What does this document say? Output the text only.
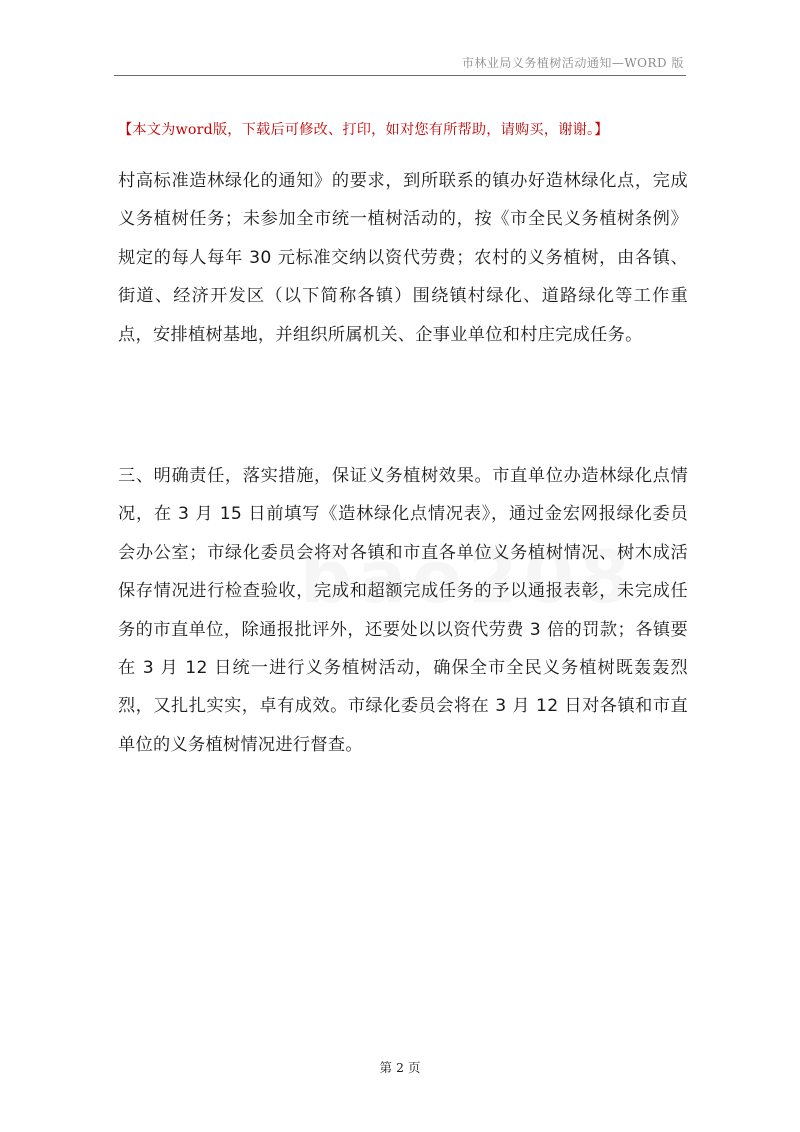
市林业局义务植树活动通知—WORD 版
【本文为word版，下载后可修改、打印，如对您有所帮助，请购买，谢谢。】
村高标准造林绿化的通知》的要求，到所联系的镇办好造林绿化点，完成义务植树任务；未参加全市统一植树活动的，按《市全民义务植树条例》规定的每人每年 30 元标准交纳以资代劳费；农村的义务植树，由各镇、街道、经济开发区（以下简称各镇）围绕镇村绿化、道路绿化等工作重点，安排植树基地，并组织所属机关、企事业单位和村庄完成任务。
三、明确责任，落实措施，保证义务植树效果。市直单位办造林绿化点情况，在 3 月 15 日前填写《造林绿化点情况表》，通过金宏网报绿化委员会办公室；市绿化委员会将对各镇和市直各单位义务植树情况、树木成活保存情况进行检查验收，完成和超额完成任务的予以通报表彰，未完成任务的市直单位，除通报批评外，还要处以以资代劳费 3 倍的罚款；各镇要在 3 月 12 日统一进行义务植树活动，确保全市全民义务植树既轰轰烈烈，又扎扎实实，卓有成效。市绿化委员会将在 3 月 12 日对各镇和市直单位的义务植树情况进行督查。
第 2 页
